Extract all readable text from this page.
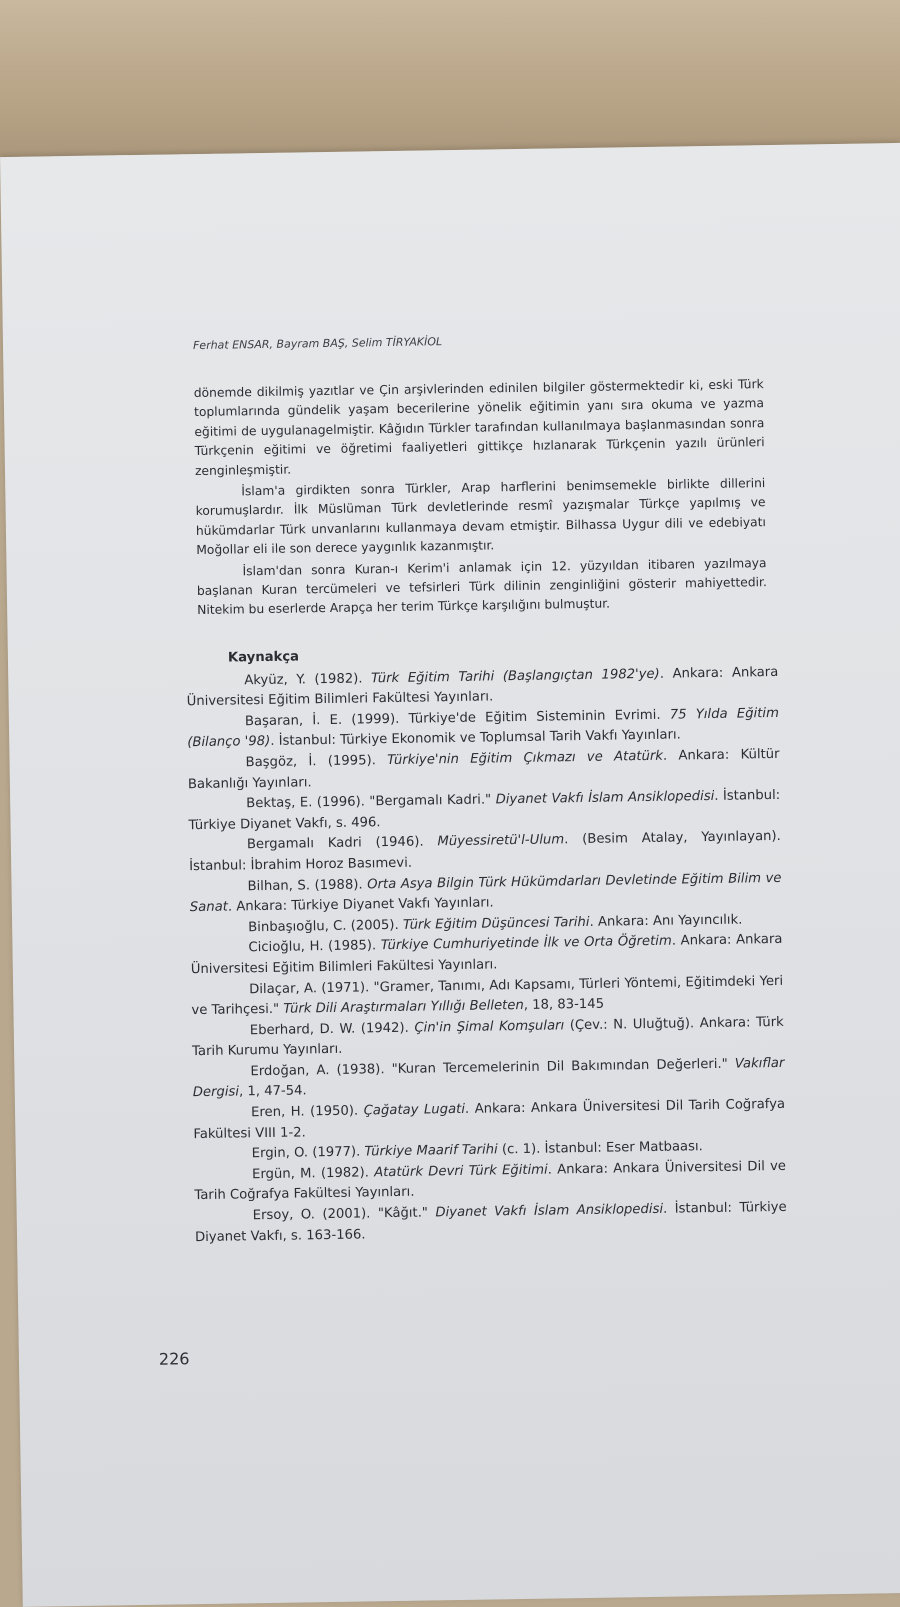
Ferhat ENSAR, Bayram BAŞ, Selim TİRYAKİOL

dönemde dikilmiş yazıtlar ve Çin arşivlerinden edinilen bilgiler göstermektedir ki, eski Türk toplumlarında gündelik yaşam becerilerine yönelik eğitimin yanı sıra okuma ve yazma eğitimi de uygulanagelmiştir. Kâğıdın Türkler tarafından kullanılmaya başlanmasından sonra Türkçenin eğitimi ve öğretimi faaliyetleri gittikçe hızlanarak Türkçenin yazılı ürünleri zenginleşmiştir.

İslam'a girdikten sonra Türkler, Arap harflerini benimsemekle birlikte dillerini korumuşlardır. İlk Müslüman Türk devletlerinde resmî yazışmalar Türkçe yapılmış ve hükümdarlar Türk unvanlarını kullanmaya devam etmiştir. Bilhassa Uygur dili ve edebiyatı Moğollar eli ile son derece yaygınlık kazanmıştır.

İslam'dan sonra Kuran-ı Kerim'i anlamak için 12. yüzyıldan itibaren yazılmaya başlanan Kuran tercümeleri ve tefsirleri Türk dilinin zenginliğini gösterir mahiyettedir. Nitekim bu eserlerde Arapça her terim Türkçe karşılığını bulmuştur.

Kaynakça

Akyüz, Y. (1982). Türk Eğitim Tarihi (Başlangıçtan 1982'ye). Ankara: Ankara Üniversitesi Eğitim Bilimleri Fakültesi Yayınları.

Başaran, İ. E. (1999). Türkiye'de Eğitim Sisteminin Evrimi. 75 Yılda Eğitim (Bilanço '98). İstanbul: Türkiye Ekonomik ve Toplumsal Tarih Vakfı Yayınları.

Başgöz, İ. (1995). Türkiye'nin Eğitim Çıkmazı ve Atatürk. Ankara: Kültür Bakanlığı Yayınları.

Bektaş, E. (1996). "Bergamalı Kadri." Diyanet Vakfı İslam Ansiklopedisi. İstanbul: Türkiye Diyanet Vakfı, s. 496.

Bergamalı Kadri (1946). Müyessiretü'l-Ulum. (Besim Atalay, Yayınlayan). İstanbul: İbrahim Horoz Basımevi.

Bilhan, S. (1988). Orta Asya Bilgin Türk Hükümdarları Devletinde Eğitim Bilim ve Sanat. Ankara: Türkiye Diyanet Vakfı Yayınları.

Binbaşıoğlu, C. (2005). Türk Eğitim Düşüncesi Tarihi. Ankara: Anı Yayıncılık.

Cicioğlu, H. (1985). Türkiye Cumhuriyetinde İlk ve Orta Öğretim. Ankara: Ankara Üniversitesi Eğitim Bilimleri Fakültesi Yayınları.

Dilaçar, A. (1971). "Gramer, Tanımı, Adı Kapsamı, Türleri Yöntemi, Eğitimdeki Yeri ve Tarihçesi." Türk Dili Araştırmaları Yıllığı Belleten, 18, 83-145

Eberhard, D. W. (1942). Çin'in Şimal Komşuları (Çev.: N. Uluğtuğ). Ankara: Türk Tarih Kurumu Yayınları.

Erdoğan, A. (1938). "Kuran Tercemelerinin Dil Bakımından Değerleri." Vakıflar Dergisi, 1, 47-54.

Eren, H. (1950). Çağatay Lugati. Ankara: Ankara Üniversitesi Dil Tarih Coğrafya Fakültesi VIII 1-2.

Ergin, O. (1977). Türkiye Maarif Tarihi (c. 1). İstanbul: Eser Matbaası.

Ergün, M. (1982). Atatürk Devri Türk Eğitimi. Ankara: Ankara Üniversitesi Dil ve Tarih Coğrafya Fakültesi Yayınları.

Ersoy, O. (2001). "Kâğıt." Diyanet Vakfı İslam Ansiklopedisi. İstanbul: Türkiye Diyanet Vakfı, s. 163-166.

226
